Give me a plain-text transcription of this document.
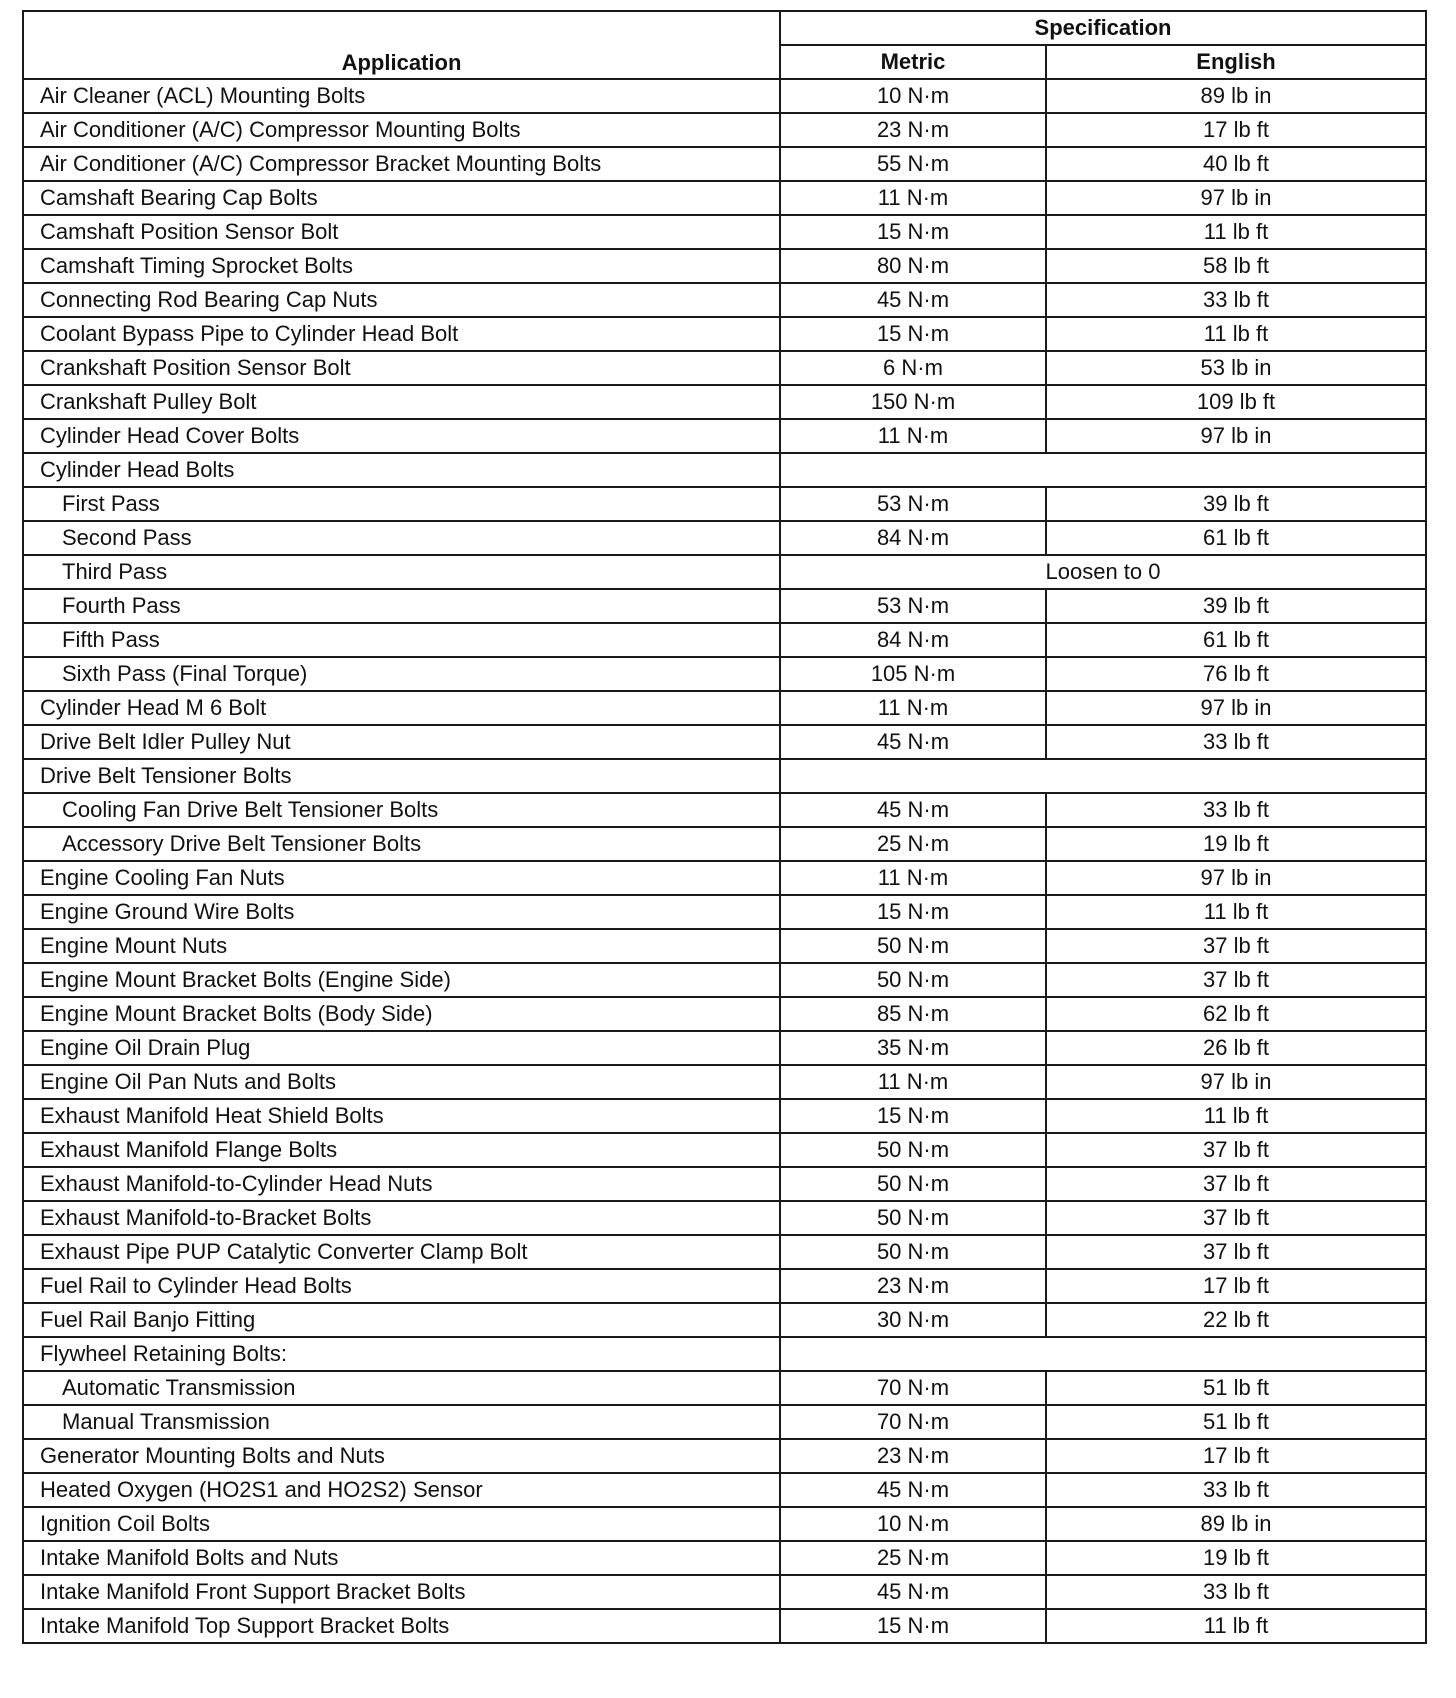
Application	Specification	
	Metric	English
Air Cleaner (ACL) Mounting Bolts	10 N·m	89 lb in
Air Conditioner (A/C) Compressor Mounting Bolts	23 N·m	17 lb ft
Air Conditioner (A/C) Compressor Bracket Mounting Bolts	55 N·m	40 lb ft
Camshaft Bearing Cap Bolts	11 N·m	97 lb in
Camshaft Position Sensor Bolt	15 N·m	11 lb ft
Camshaft Timing Sprocket Bolts	80 N·m	58 lb ft
Connecting Rod Bearing Cap Nuts	45 N·m	33 lb ft
Coolant Bypass Pipe to Cylinder Head Bolt	15 N·m	11 lb ft
Crankshaft Position Sensor Bolt	6 N·m	53 lb in
Crankshaft Pulley Bolt	150 N·m	109 lb ft
Cylinder Head Cover Bolts	11 N·m	97 lb in
Cylinder Head Bolts		
First Pass	53 N·m	39 lb ft
Second Pass	84 N·m	61 lb ft
Third Pass	Loosen to 0	
Fourth Pass	53 N·m	39 lb ft
Fifth Pass	84 N·m	61 lb ft
Sixth Pass (Final Torque)	105 N·m	76 lb ft
Cylinder Head M 6 Bolt	11 N·m	97 lb in
Drive Belt Idler Pulley Nut	45 N·m	33 lb ft
Drive Belt Tensioner Bolts		
Cooling Fan Drive Belt Tensioner Bolts	45 N·m	33 lb ft
Accessory Drive Belt Tensioner Bolts	25 N·m	19 lb ft
Engine Cooling Fan Nuts	11 N·m	97 lb in
Engine Ground Wire Bolts	15 N·m	11 lb ft
Engine Mount Nuts	50 N·m	37 lb ft
Engine Mount Bracket Bolts (Engine Side)	50 N·m	37 lb ft
Engine Mount Bracket Bolts (Body Side)	85 N·m	62 lb ft
Engine Oil Drain Plug	35 N·m	26 lb ft
Engine Oil Pan Nuts and Bolts	11 N·m	97 lb in
Exhaust Manifold Heat Shield Bolts	15 N·m	11 lb ft
Exhaust Manifold Flange Bolts	50 N·m	37 lb ft
Exhaust Manifold-to-Cylinder Head Nuts	50 N·m	37 lb ft
Exhaust Manifold-to-Bracket Bolts	50 N·m	37 lb ft
Exhaust Pipe PUP Catalytic Converter Clamp Bolt	50 N·m	37 lb ft
Fuel Rail to Cylinder Head Bolts	23 N·m	17 lb ft
Fuel Rail Banjo Fitting	30 N·m	22 lb ft
Flywheel Retaining Bolts:		
Automatic Transmission	70 N·m	51 lb ft
Manual Transmission	70 N·m	51 lb ft
Generator Mounting Bolts and Nuts	23 N·m	17 lb ft
Heated Oxygen (HO2S1 and HO2S2) Sensor	45 N·m	33 lb ft
Ignition Coil Bolts	10 N·m	89 lb in
Intake Manifold Bolts and Nuts	25 N·m	19 lb ft
Intake Manifold Front Support Bracket Bolts	45 N·m	33 lb ft
Intake Manifold Top Support Bracket Bolts	15 N·m	11 lb ft
